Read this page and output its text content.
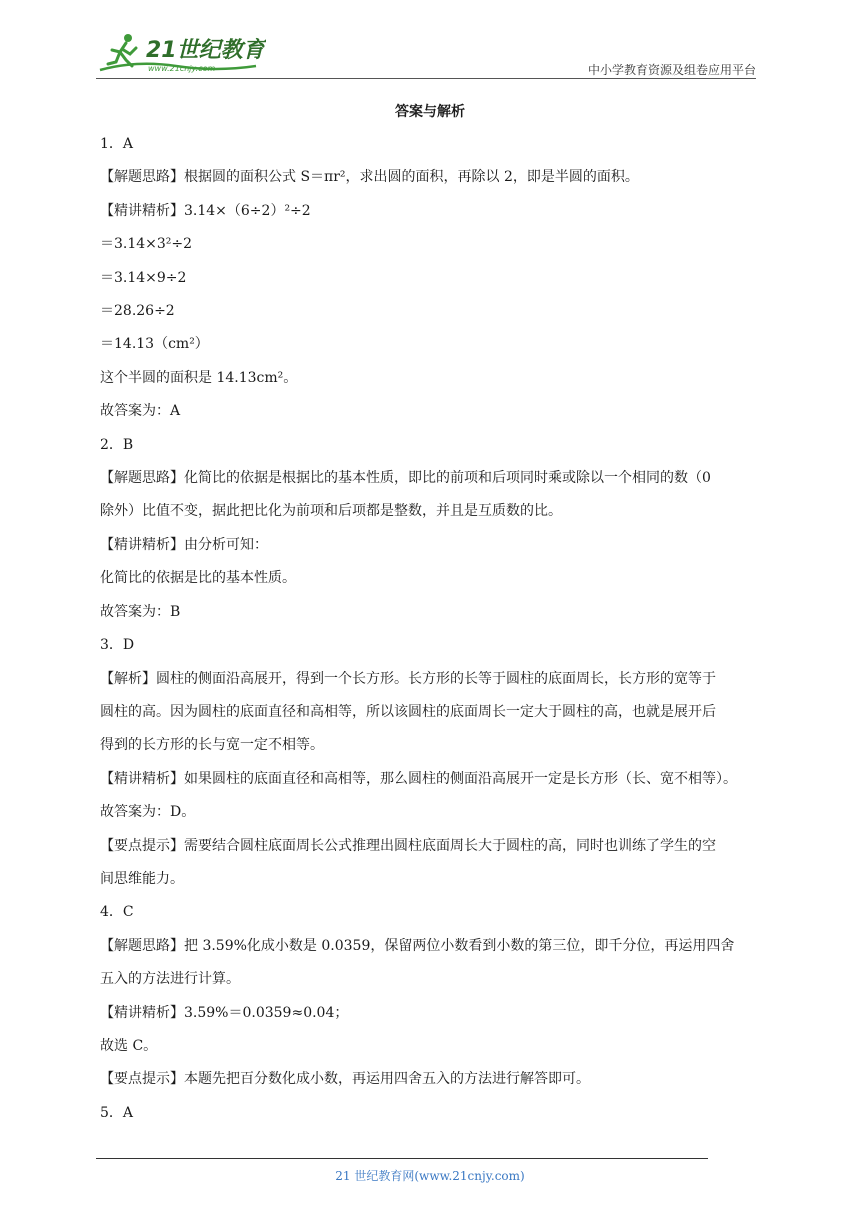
21世纪教育
www.21cnjy.com	中小学教育资源及组卷应用平台
答案与解析
1．A
【解题思路】根据圆的面积公式 S＝πr²，求出圆的面积，再除以 2，即是半圆的面积。
【精讲精析】3.14×（6÷2）²÷2
＝3.14×3²÷2
＝3.14×9÷2
＝28.26÷2
＝14.13（cm²）
这个半圆的面积是 14.13cm²。
故答案为：A
2．B
【解题思路】化简比的依据是根据比的基本性质，即比的前项和后项同时乘或除以一个相同的数（0
除外）比值不变，据此把比化为前项和后项都是整数，并且是互质数的比。
【精讲精析】由分析可知：
化简比的依据是比的基本性质。
故答案为：B
3．D
【解析】圆柱的侧面沿高展开，得到一个长方形。长方形的长等于圆柱的底面周长，长方形的宽等于
圆柱的高。因为圆柱的底面直径和高相等，所以该圆柱的底面周长一定大于圆柱的高，也就是展开后
得到的长方形的长与宽一定不相等。
【精讲精析】如果圆柱的底面直径和高相等，那么圆柱的侧面沿高展开一定是长方形（长、宽不相等）。
故答案为：D。
【要点提示】需要结合圆柱底面周长公式推理出圆柱底面周长大于圆柱的高，同时也训练了学生的空
间思维能力。
4．C
【解题思路】把 3.59%化成小数是 0.0359，保留两位小数看到小数的第三位，即千分位，再运用四舍
五入的方法进行计算。
【精讲精析】3.59%＝0.0359≈0.04；
故选 C。
【要点提示】本题先把百分数化成小数，再运用四舍五入的方法进行解答即可。
5．A
21 世纪教育网(www.21cnjy.com)
